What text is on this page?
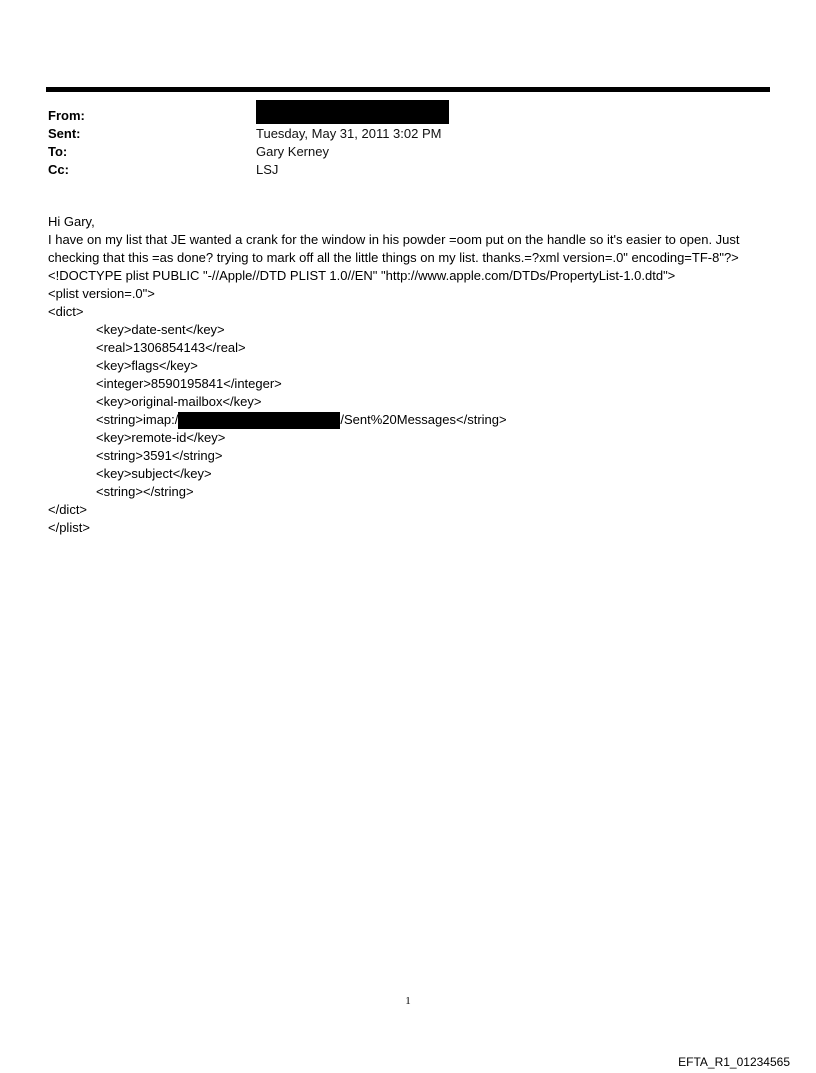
From:
Sent:	Tuesday, May 31, 2011 3:02 PM
To:	Gary Kerney
Cc:	LSJ

Hi Gary,

I have on my list that JE wanted a crank for the window in his powder =oom put on the handle so it's easier to open. Just checking that this =as done? trying to mark off all the little things on my list. thanks.=?xml version=.0" encoding=TF-8"?>

<!DOCTYPE plist PUBLIC "-//Apple//DTD PLIST 1.0//EN" "http://www.apple.com/DTDs/PropertyList-1.0.dtd">

<plist version=.0">

<dict>

<key>date-sent</key>

<real>1306854143</real>

<key>flags</key>

<integer>8590195841</integer>

<key>original-mailbox</key>

<string>imap:/	/Sent%20Messages</string>

<key>remote-id</key>

<string>3591</string>

<key>subject</key>

<string></string>

</dict>

</plist>

1
EFTA_R1_01234565
